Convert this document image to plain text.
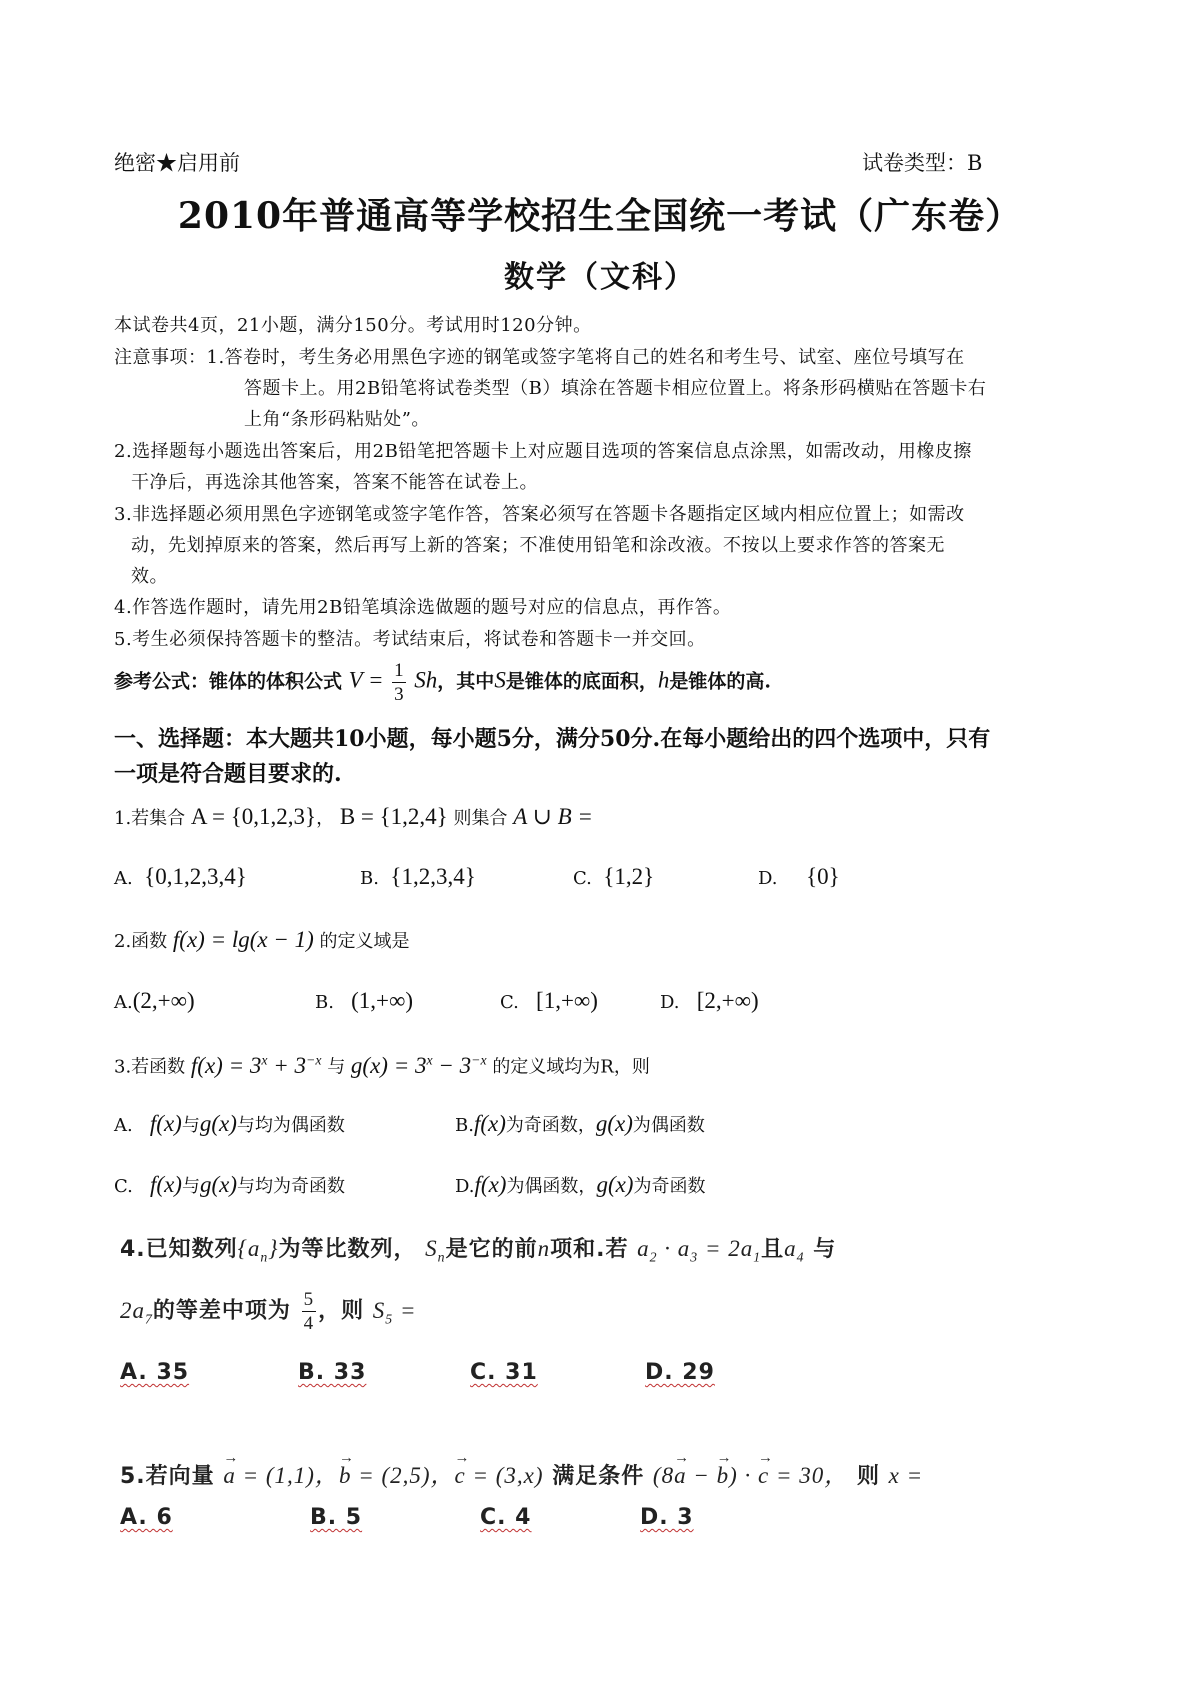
绝密★启用前	试卷类型：B
2010年普通高等学校招生全国统一考试（广东卷）
数学（文科）
本试卷共4页，21小题，满分150分。考试用时120分钟。
注意事项：1.答卷时，考生务必用黑色字迹的钢笔或签字笔将自己的姓名和考生号、试室、座位号填写在
答题卡上。用2B铅笔将试卷类型（B）填涂在答题卡相应位置上。将条形码横贴在答题卡右
上角“条形码粘贴处”。
2.选择题每小题选出答案后，用2B铅笔把答题卡上对应题目选项的答案信息点涂黑，如需改动，用橡皮擦
干净后，再选涂其他答案，答案不能答在试卷上。
3.非选择题必须用黑色字迹钢笔或签字笔作答，答案必须写在答题卡各题指定区域内相应位置上；如需改
动，先划掉原来的答案，然后再写上新的答案；不准使用铅笔和涂改液。不按以上要求作答的答案无
效。
4.作答选作题时，请先用2B铅笔填涂选做题的题号对应的信息点，再作答。
5.考生必须保持答题卡的整洁。考试结束后，将试卷和答题卡一并交回。
参考公式：锥体的体积公式 $V = \frac{1}{3}$ Sh，其中S是锥体的底面积，h是锥体的高.
一、选择题：本大题共10小题，每小题5分，满分50分.在每小题给出的四个选项中，只有
一项是符合题目要求的.
1.若集合 A = {0,1,2,3}， B = {1,2,4} 则集合 A ∪ B =
A. {0,1,2,3,4}	B. {1,2,3,4}	C. {1,2}	D. {0}
2.函数 f(x) = lg(x − 1) 的定义域是
A.(2,+∞)	B. (1,+∞)	C. [1,+∞)	D. [2,+∞)
3.若函数 $f(x) = 3^x + 3^{-x}$ 与 $g(x) = 3^x - 3^{-x}$ 的定义域均为R，则
A. f(x)与g(x)与均为偶函数	B.f(x)为奇函数，g(x)为偶函数
C. f(x)与g(x)与均为奇函数	D.f(x)为偶函数，g(x)为奇函数
4.已知数列$\{a_n\}$为等比数列， $S_n$是它的前n项和.若 $a_2 \cdot a_3 = 2a_1$且$a_4$ 与
$2a_7$的等差中项为 $\frac{5}{4}$ ，则 $S_5$ =
A. 35	B. 33	C. 31	D. 29
5.若向量 → a = (1,1)，→ b = (2,5)，→ c = (3,x) 满足条件 (8→ a − → b) · → c = 30， 则 x =
A. 6	B. 5	C. 4	D. 3
